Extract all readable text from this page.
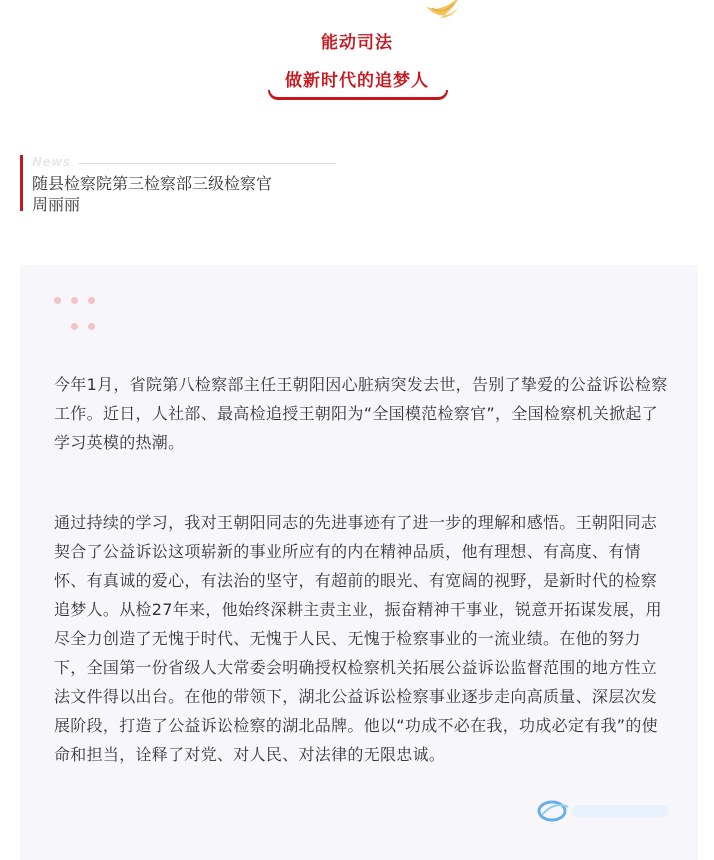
能动司法
做新时代的追梦人
News
随县检察院第三检察部三级检察官
周丽丽

今年1月，省院第八检察部主任王朝阳因心脏病突发去世，告别了挚爱的公益诉讼检察工作。近日，人社部、最高检追授王朝阳为“全国模范检察官”，全国检察机关掀起了学习英模的热潮。

通过持续的学习，我对王朝阳同志的先进事迹有了进一步的理解和感悟。王朝阳同志契合了公益诉讼这项崭新的事业所应有的内在精神品质，他有理想、有高度、有情怀、有真诚的爱心，有法治的坚守，有超前的眼光、有宽阔的视野，是新时代的检察追梦人。从检27年来，他始终深耕主责主业，振奋精神干事业，锐意开拓谋发展，用尽全力创造了无愧于时代、无愧于人民、无愧于检察事业的一流业绩。在他的努力下，全国第一份省级人大常委会明确授权检察机关拓展公益诉讼监督范围的地方性立法文件得以出台。在他的带领下，湖北公益诉讼检察事业逐步走向高质量、深层次发展阶段，打造了公益诉讼检察的湖北品牌。他以“功成不必在我，功成必定有我”的使命和担当，诠释了对党、对人民、对法律的无限忠诚。
